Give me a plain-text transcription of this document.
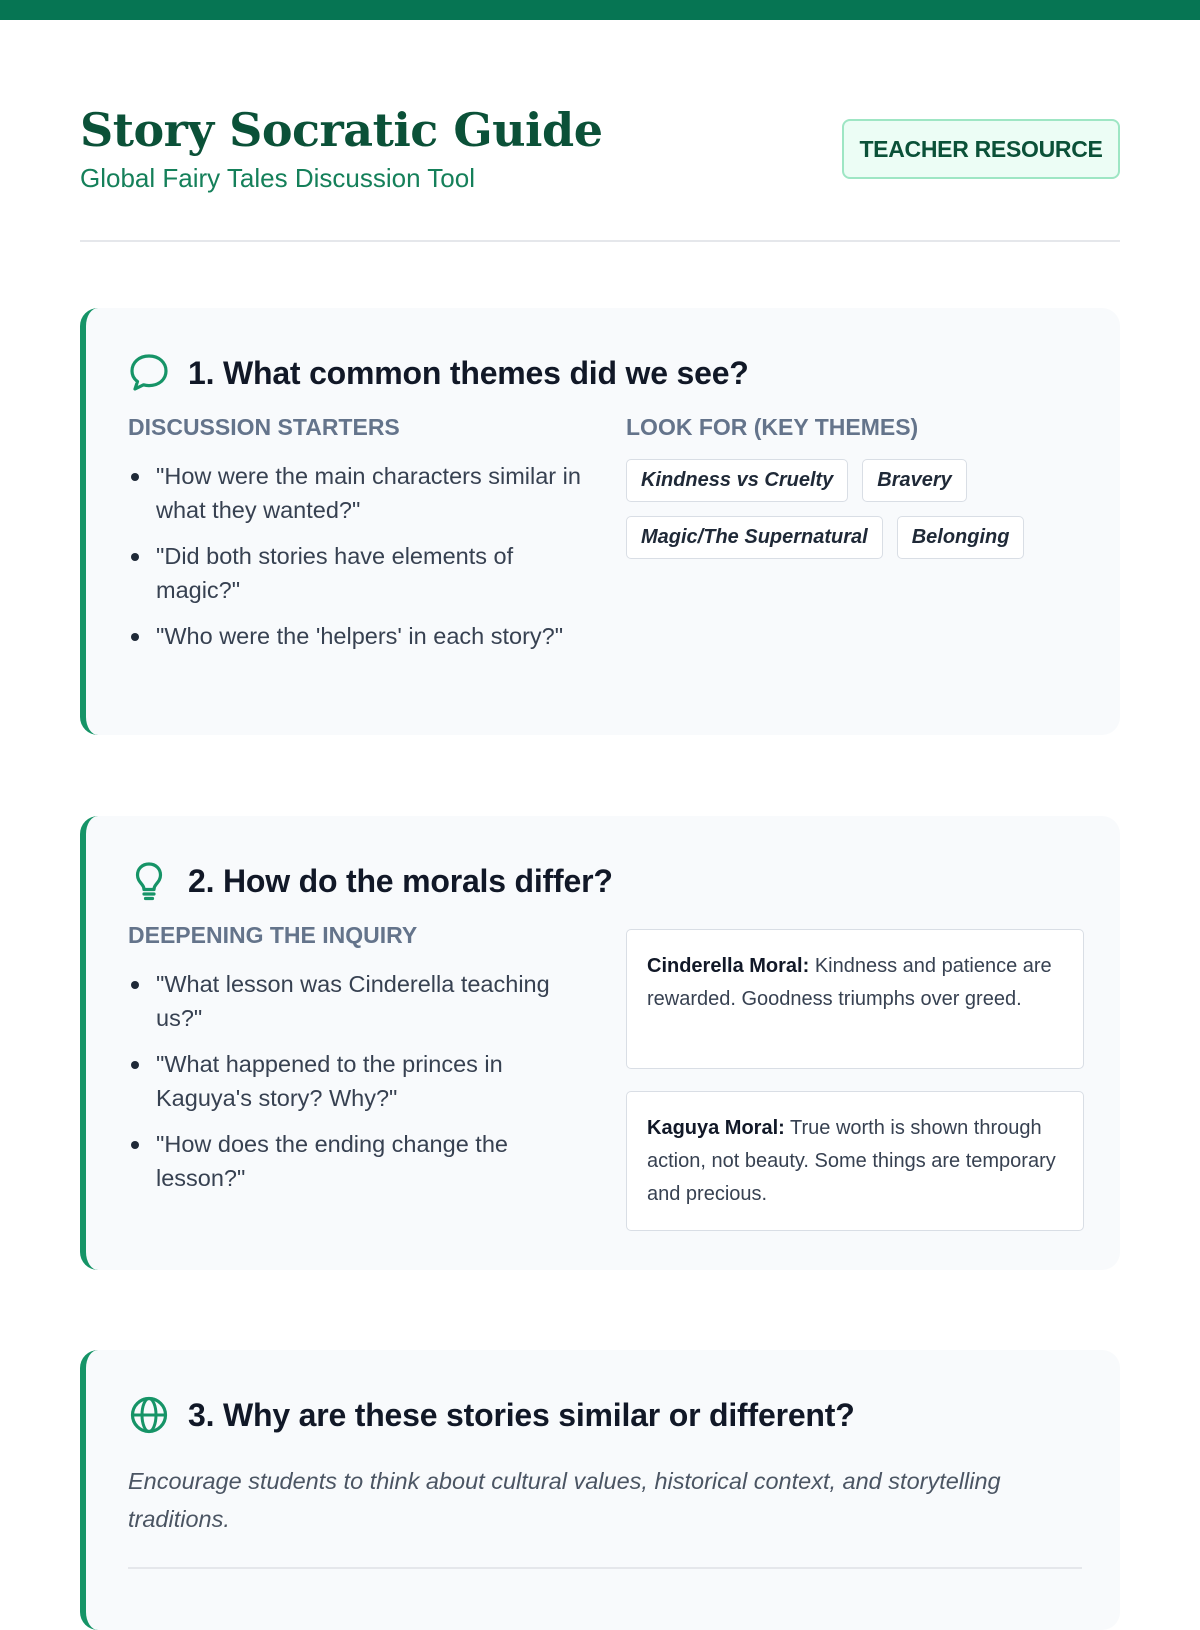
Story Socratic Guide
Global Fairy Tales Discussion Tool
TEACHER RESOURCE
1. What common themes did we see?
DISCUSSION STARTERS
"How were the main characters similar in what they wanted?"
"Did both stories have elements of magic?"
"Who were the 'helpers' in each story?"
LOOK FOR (KEY THEMES)
Kindness vs Cruelty	Bravery
Magic/The Supernatural	Belonging
2. How do the morals differ?
DEEPENING THE INQUIRY
"What lesson was Cinderella teaching us?"
"What happened to the princes in Kaguya's story? Why?"
"How does the ending change the lesson?"
Cinderella Moral: Kindness and patience are rewarded. Goodness triumphs over greed.
Kaguya Moral: True worth is shown through action, not beauty. Some things are temporary and precious.
3. Why are these stories similar or different?
Encourage students to think about cultural values, historical context, and storytelling traditions.
